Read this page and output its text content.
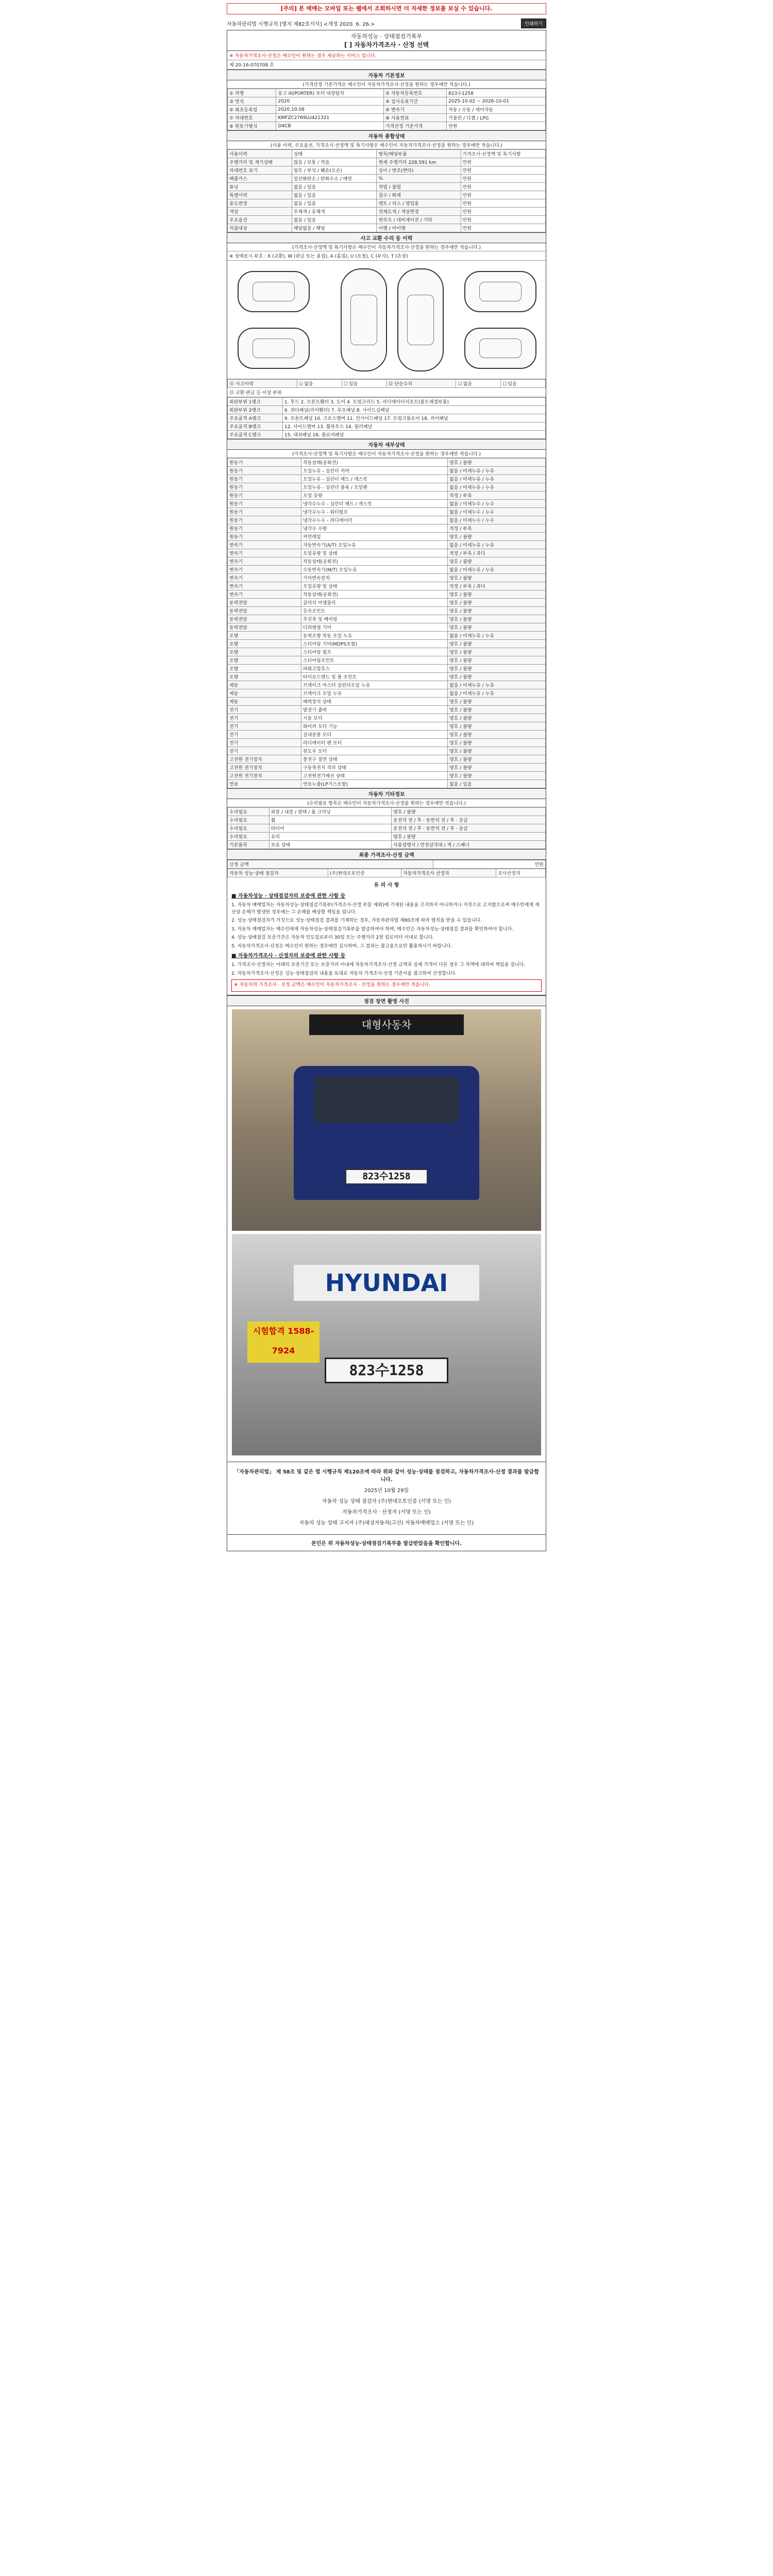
[주의] 본 매매는 모바일 또는 웹에서 조회하시면 더 자세한 정보를 보실 수 있습니다.
자동차관리법 시행규칙 [별지 제82호서식] <개정 2020. 6. 26.>	인쇄하기
자동차성능 · 상태점검기록부
[ ] 자동차가격조사 · 산정 선택
※ 자동차가격조사·산정은 매수인이 원하는 경우 제공하는 서비스 입니다.
제 20-16-070708 호
자동차 기본정보
(가격산정 기준가격은 매수인이 자동차가격조사·산정을 원하는 경우에만 적습니다.)
① 차명	봉고 III(PORTER) 포터 내장탑차	② 자동차등록번호	823수1258
③ 연식	2020	④ 검사유효기간	2025-10-02 ~ 2026-10-01
⑤ 최초등록일	2020.10.08	⑥ 변속기	자동 / 수동 / 세미자동
⑦ 차대번호	KMFZC2769LU421321	⑧ 사용연료	가솔린 / 디젤 / LPG
⑨ 원동기형식	D4CB	가격산정 기준가격	만원
자동차 종합상태
(사용 이력, 주요옵션, 가격조사·산정액 및 특기사항은 매수인이 자동차가격조사·산정을 원하는 경우에만 적습니다.)
사용이력	상태	항목/해당부품	가격조사·산정액 및 특기사항
주행거리 및 계기상태	많음 / 보통 / 적음	현재 주행거리 228,591 km	만원
차대번호 표기	양호 / 부식 / 훼손(오손)	상이 / 변조(변타)	만원
배출가스	일산화탄소 / 탄화수소 / 매연	%	만원
튜닝	없음 / 있음	적법 / 불법	만원
특별이력	없음 / 있음	침수 / 화재	만원
용도변경	없음 / 있음	렌트 / 리스 / 영업용	만원
색상	무채색 / 유채색	전체도색 / 색상변경	만원
주요옵션	없음 / 있음	썬루프 / 네비게이션 / 기타	만원
리콜대상	해당없음 / 해당	이행 / 미이행	만원
사고 교환 수리 등 이력
(가격조사·산정액 및 특기사항은 매수인이 자동차가격조사·산정을 원하는 경우에만 적습니다.)
※ 상태표시 부호 : X (교환), W (판금 또는 용접), A (흠집), U (요철), C (부식), T (손상)
⑪ 사고이력	☑없음	☐있음	⑫ 단순수리	☑없음	☐있음
⑬ 교환·판금 등 이상 부위
외판부위 1랭크	1. 후드 2. 프론트휀더 3. 도어 4. 트렁크리드 5. 라디에이터서포트(볼트체결부품)
외판부위 2랭크	6. 쿼터패널(리어휀더) 7. 루프패널 8. 사이드실패널
주요골격 A랭크	9. 프론트패널 10. 크로스멤버 11. 인사이드패널 17. 트렁크플로어 18. 리어패널
주요골격 B랭크	12. 사이드멤버 13. 휠하우스 14. 필러패널
주요골격 C랭크	15. 대쉬패널 16. 플로어패널
자동차 세부상태
(가격조사·산정액 및 특기사항은 매수인이 자동차가격조사·산정을 원하는 경우에만 적습니다.)
원동기	작동상태(공회전)	양호 / 불량
원동기	오일누유 - 실린더 커버	없음 / 미세누유 / 누유
원동기	오일누유 - 실린더 헤드 / 개스킷	없음 / 미세누유 / 누유
원동기	오일누유 - 실린더 블록 / 오일팬	없음 / 미세누유 / 누유
원동기	오일 유량	적정 / 부족
원동기	냉각수누수 - 실린더 헤드 / 개스킷	없음 / 미세누수 / 누수
원동기	냉각수누수 - 워터펌프	없음 / 미세누수 / 누수
원동기	냉각수누수 - 라디에이터	없음 / 미세누수 / 누수
원동기	냉각수 수량	적정 / 부족
원동기	커먼레일	양호 / 불량
변속기	자동변속기(A/T) 오일누유	없음 / 미세누유 / 누유
변속기	오일유량 및 상태	적정 / 부족 / 과다
변속기	작동상태(공회전)	양호 / 불량
변속기	수동변속기(M/T) 오일누유	없음 / 미세누유 / 누유
변속기	기어변속장치	양호 / 불량
변속기	오일유량 및 상태	적정 / 부족 / 과다
변속기	작동상태(공회전)	양호 / 불량
동력전달	클러치 어셈블리	양호 / 불량
동력전달	등속조인트	양호 / 불량
동력전달	추진축 및 베어링	양호 / 불량
동력전달	디퍼렌셜 기어	양호 / 불량
조향	동력조향 작동 오일 누유	없음 / 미세누유 / 누유
조향	스티어링 기어(MDPS포함)	양호 / 불량
조향	스티어링 펌프	양호 / 불량
조향	스티어링조인트	양호 / 불량
조향	파워고압호스	양호 / 불량
조향	타이로드엔드 및 볼 조인트	양호 / 불량
제동	브레이크 마스터 실린더오일 누유	없음 / 미세누유 / 누유
제동	브레이크 오일 누유	없음 / 미세누유 / 누유
제동	배력장치 상태	양호 / 불량
전기	발전기 출력	양호 / 불량
전기	시동 모터	양호 / 불량
전기	와이퍼 모터 기능	양호 / 불량
전기	실내송풍 모터	양호 / 불량
전기	라디에이터 팬 모터	양호 / 불량
전기	윈도우 모터	양호 / 불량
고전원 전기장치	충전구 절연 상태	양호 / 불량
고전원 전기장치	구동축전지 격리 상태	양호 / 불량
고전원 전기장치	고전원전기배선 상태	양호 / 불량
연료	연료누출(LP가스포함)	없음 / 있음
자동차 기타정보
(수리필요 항목은 매수인이 자동차가격조사·산정을 원하는 경우에만 적습니다.)
수리필요	외장 / 내장 / 광택 / 룸 크리닝	양호 / 불량
수리필요	휠	운전석 전 / 후 · 동반석 전 / 후 · 응급
수리필요	타이어	운전석 전 / 후 · 동반석 전 / 후 · 응급
수리필요	유리	양호 / 불량
기본품목	보유 상태	사용설명서 / 안전삼각대 / 잭 / 스패너
최종 가격조사·산정 금액
산정 금액	만원
자동차 성능·상태 점검자	(주)현대오토인증	자동차가격조사 산정자	조사산정자
유 의 사 항
■ 자동차성능 · 상태점검자의 보증에 관한 사항 등

1. 자동차 매매업자는 자동차성능·상태점검기록부(가격조사·산정 부분 제외)에 기재된 내용을 고지하지 아니하거나 거짓으로 고지함으로써 매수인에게 재산상 손해가 발생한 경우에는 그 손해를 배상할 책임을 집니다.

2. 성능·상태점검자가 거짓으로 성능·상태점검 결과를 기재하는 경우, 자동차관리법 제80조에 따라 벌칙을 받을 수 있습니다.

3. 자동차 매매업자는 매수인에게 자동차성능·상태점검기록부를 발급하여야 하며, 매수인은 자동차성능·상태점검 결과를 확인하여야 합니다.

4. 성능·상태점검 보증기간은 자동차 인도일로부터 30일 또는 주행거리 2천 킬로미터 이내로 합니다.

5. 자동차가격조사·산정은 매수인이 원하는 경우에만 실시하며, 그 결과는 참고용으로만 활용하시기 바랍니다.

■ 자동차가격조사 · 산정자의 보증에 관한 사항 등

1. 가격조사·산정자는 아래의 보증기간 또는 보증거리 이내에 자동차가격조사·산정 금액과 실제 가격이 다른 경우 그 차액에 대하여 책임을 집니다.

2. 자동차가격조사·산정은 성능·상태점검의 내용을 토대로 자동차 가격조사·산정 기준서를 참고하여 산정합니다.

※ 자동차의 가격조사 · 산정 금액은 매수인이 자동차가격조사 · 산정을 원하는 경우에만 적습니다.
점검 장면 촬영 사진
대형사동차
823수1258
HYUNDAI
시험합격 1588-7924
823수1258
「자동차관리법」 제 58조 및 같은 법 시행규칙 제120조에 따라 위와 같이 성능·상태를 점검하고, 자동차가격조사·산정 결과를 발급합니다.
2025년 10월 29일
자동차 성능 상태 점검자 (주)현대오토인증 (서명 또는 인)
자동차가격조사 · 산정자 (서명 또는 인)
자동차 성능 상태 고지자 (주)대성자동차(고산) 자동차매매업소 (서명 또는 인)
본인은 위 자동차성능·상태점검기록부를 발급받았음을 확인합니다.
